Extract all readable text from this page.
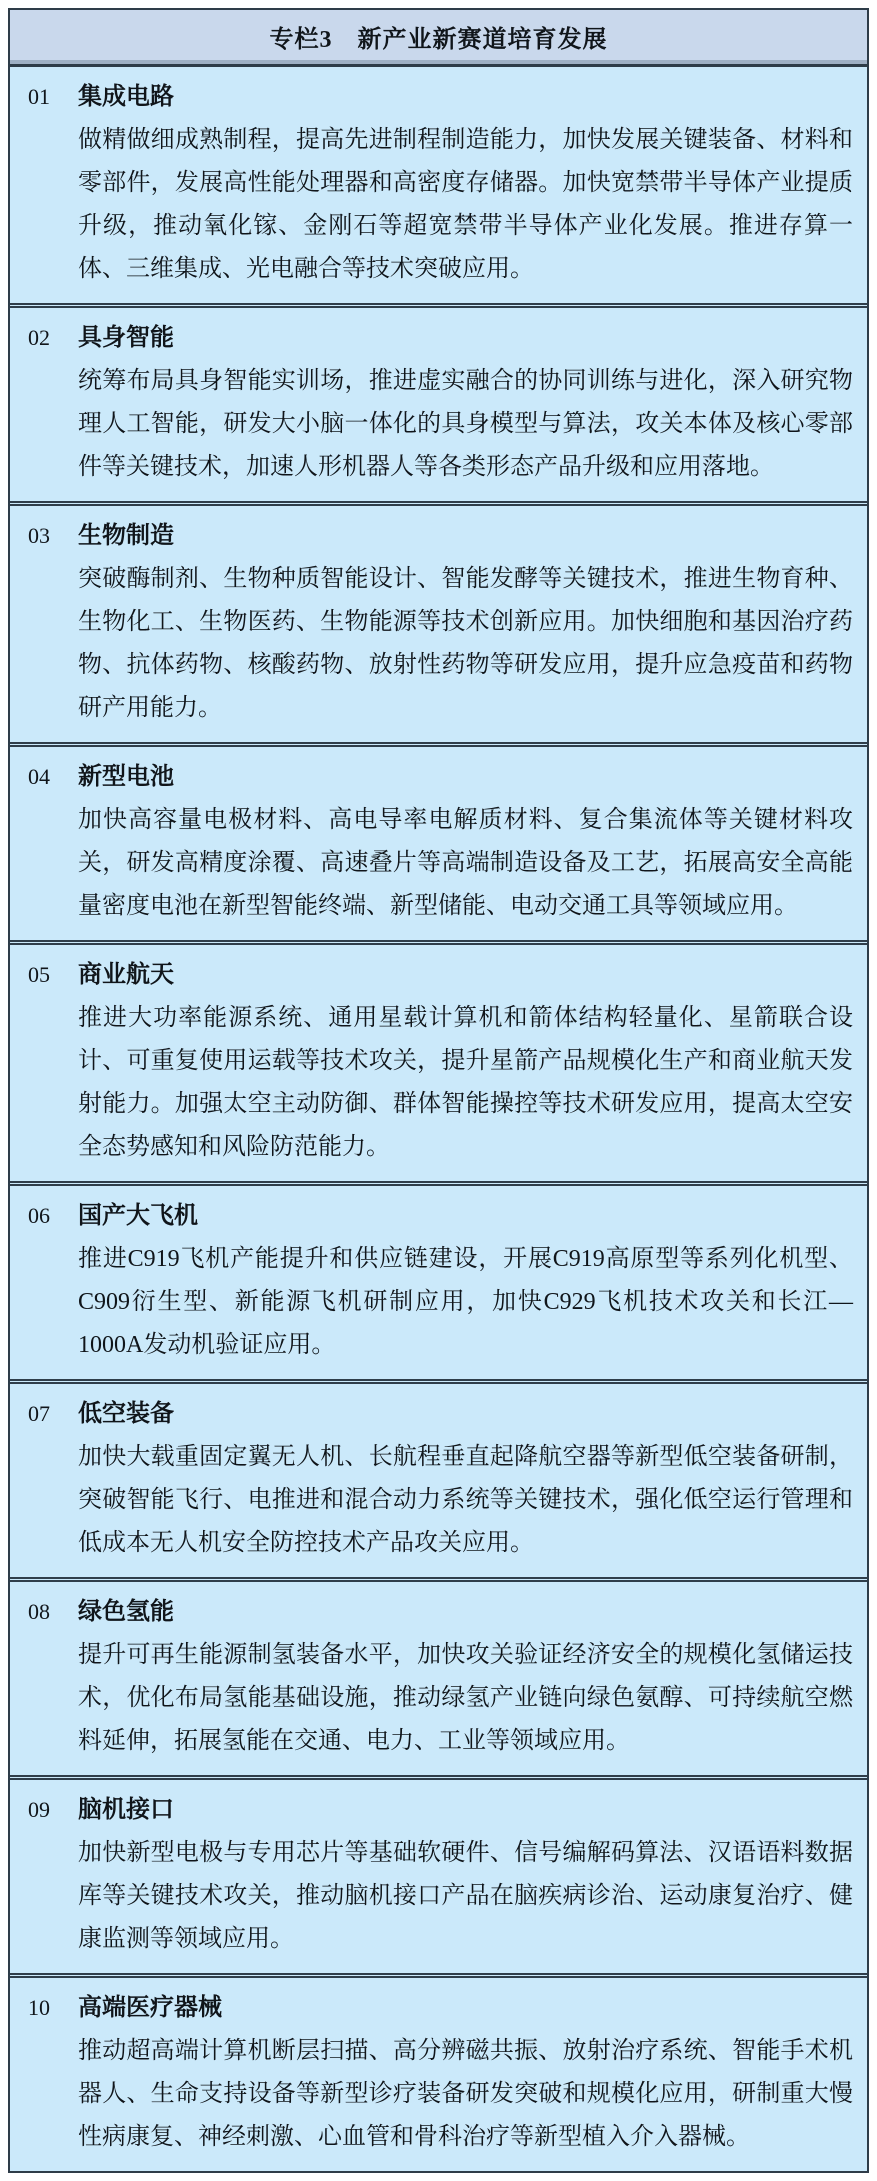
专栏3　新产业新赛道培育发展
01	集成电路

做精做细成熟制程，提高先进制程制造能力，加快发展关键装备、材料和零部件，发展高性能处理器和高密度存储器。加快宽禁带半导体产业提质升级，推动氧化镓、金刚石等超宽禁带半导体产业化发展。推进存算一体、三维集成、光电融合等技术突破应用。

02	具身智能

统筹布局具身智能实训场，推进虚实融合的协同训练与进化，深入研究物理人工智能，研发大小脑一体化的具身模型与算法，攻关本体及核心零部件等关键技术，加速人形机器人等各类形态产品升级和应用落地。

03	生物制造

突破酶制剂、生物种质智能设计、智能发酵等关键技术，推进生物育种、生物化工、生物医药、生物能源等技术创新应用。加快细胞和基因治疗药物、抗体药物、核酸药物、放射性药物等研发应用，提升应急疫苗和药物研产用能力。

04	新型电池

加快高容量电极材料、高电导率电解质材料、复合集流体等关键材料攻关，研发高精度涂覆、高速叠片等高端制造设备及工艺，拓展高安全高能量密度电池在新型智能终端、新型储能、电动交通工具等领域应用。

05	商业航天

推进大功率能源系统、通用星载计算机和箭体结构轻量化、星箭联合设计、可重复使用运载等技术攻关，提升星箭产品规模化生产和商业航天发射能力。加强太空主动防御、群体智能操控等技术研发应用，提高太空安全态势感知和风险防范能力。

06	国产大飞机

推进C919飞机产能提升和供应链建设，开展C919高原型等系列化机型、C909衍生型、新能源飞机研制应用，加快C929飞机技术攻关和长江—1000A发动机验证应用。

07	低空装备

加快大载重固定翼无人机、长航程垂直起降航空器等新型低空装备研制，突破智能飞行、电推进和混合动力系统等关键技术，强化低空运行管理和低成本无人机安全防控技术产品攻关应用。

08	绿色氢能

提升可再生能源制氢装备水平，加快攻关验证经济安全的规模化氢储运技术，优化布局氢能基础设施，推动绿氢产业链向绿色氨醇、可持续航空燃料延伸，拓展氢能在交通、电力、工业等领域应用。

09	脑机接口

加快新型电极与专用芯片等基础软硬件、信号编解码算法、汉语语料数据库等关键技术攻关，推动脑机接口产品在脑疾病诊治、运动康复治疗、健康监测等领域应用。

10	高端医疗器械

推动超高端计算机断层扫描、高分辨磁共振、放射治疗系统、智能手术机器人、生命支持设备等新型诊疗装备研发突破和规模化应用，研制重大慢性病康复、神经刺激、心血管和骨科治疗等新型植入介入器械。
